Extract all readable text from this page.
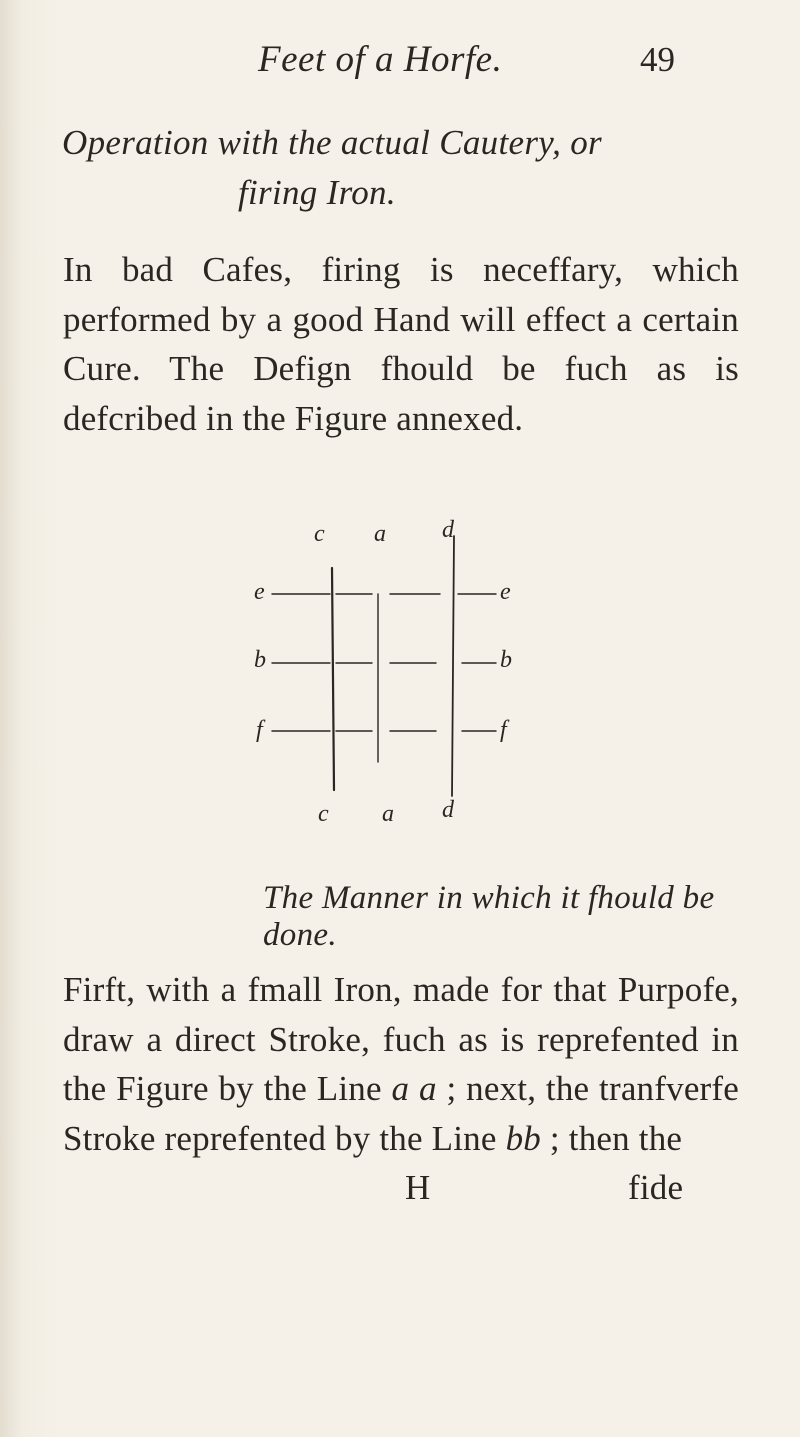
Feet of a Horfe.	49
Operation with the actual Cautery, or
firing Iron.

In bad Cafes, firing is neceffary, which performed by a good Hand will effect a certain Cure. The Defign fhould be fuch as is defcribed in the Figure annexed.

c a d
e
b
f
e
b
f
c a d
The Manner in which it fhould be done.

Firft, with a fmall Iron, made for that Purpofe, draw a direct Stroke, fuch as is reprefented in the Figure by the Line a a ; next, the tranfverfe Stroke reprefented by the Line bb ; then the
H	fide
